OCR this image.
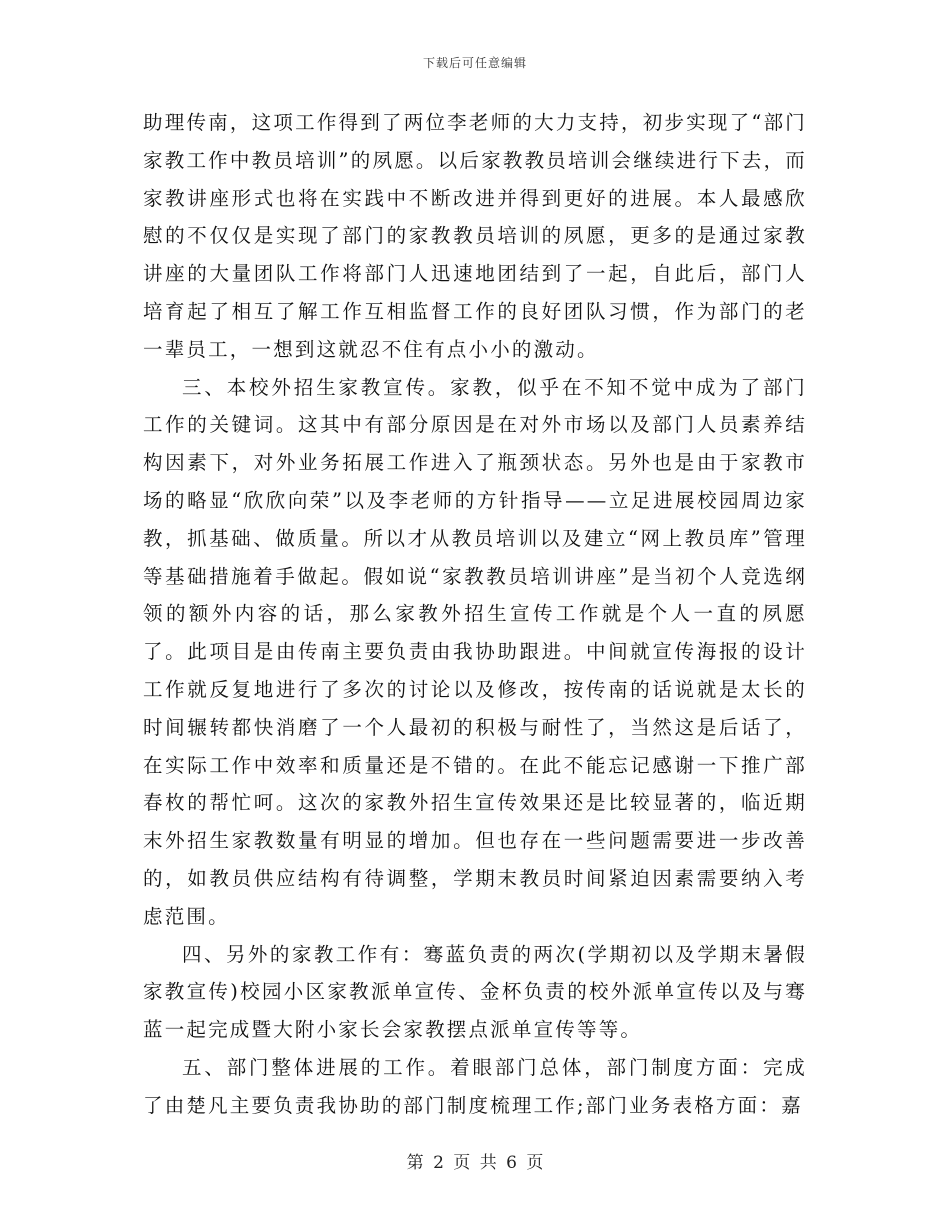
下载后可任意编辑

助理传南，这项工作得到了两位李老师的大力支持，初步实现了“部门家教工作中教员培训”的夙愿。以后家教教员培训会继续进行下去，而家教讲座形式也将在实践中不断改进并得到更好的进展。本人最感欣慰的不仅仅是实现了部门的家教教员培训的夙愿，更多的是通过家教讲座的大量团队工作将部门人迅速地团结到了一起，自此后，部门人培育起了相互了解工作互相监督工作的良好团队习惯，作为部门的老一辈员工，一想到这就忍不住有点小小的激动。

三、本校外招生家教宣传。家教，似乎在不知不觉中成为了部门工作的关键词。这其中有部分原因是在对外市场以及部门人员素养结构因素下，对外业务拓展工作进入了瓶颈状态。另外也是由于家教市场的略显“欣欣向荣”以及李老师的方针指导——立足进展校园周边家教，抓基础、做质量。所以才从教员培训以及建立“网上教员库”管理等基础措施着手做起。假如说“家教教员培训讲座”是当初个人竞选纲领的额外内容的话，那么家教外招生宣传工作就是个人一直的夙愿了。此项目是由传南主要负责由我协助跟进。中间就宣传海报的设计工作就反复地进行了多次的讨论以及修改，按传南的话说就是太长的时间辗转都快消磨了一个人最初的积极与耐性了，当然这是后话了，在实际工作中效率和质量还是不错的。在此不能忘记感谢一下推广部春枚的帮忙呵。这次的家教外招生宣传效果还是比较显著的，临近期末外招生家教数量有明显的增加。但也存在一些问题需要进一步改善的，如教员供应结构有待调整，学期末教员时间紧迫因素需要纳入考虑范围。

四、另外的家教工作有：骞蓝负责的两次(学期初以及学期末暑假家教宣传)校园小区家教派单宣传、金杯负责的校外派单宣传以及与骞蓝一起完成暨大附小家长会家教摆点派单宣传等等。

五、部门整体进展的工作。着眼部门总体，部门制度方面：完成了由楚凡主要负责我协助的部门制度梳理工作;部门业务表格方面：嘉

第 2 页 共 6 页
